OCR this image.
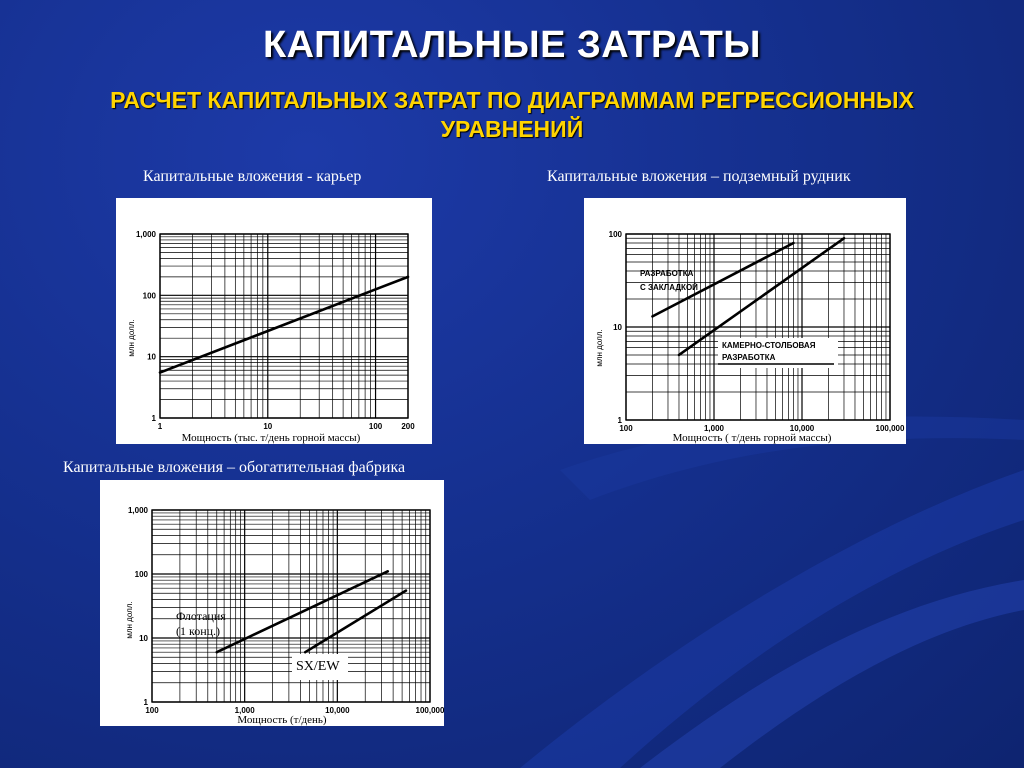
КАПИТАЛЬНЫЕ ЗАТРАТЫ
РАСЧЕТ КАПИТАЛЬНЫХ ЗАТРАТ ПО ДИАГРАММАМ РЕГРЕССИОННЫХ
УРАВНЕНИЙ
Капитальные вложения - карьер	Капитальные вложения – подземный рудник
Капитальные вложения – обогатительная фабрика
1
10
100
1,000
1	10	100 200
Мощность (тыс. т/день горной массы)
млн долл.
1
10
100
100	1,000	10,000	100,000
РАЗРАБОТКА
С ЗАКЛАДКОЙ
КАМЕРНО-СТОЛБОВАЯ
РАЗРАБОТКА
Мощность ( т/день горной массы)
млн долл.
1
10
100
1,000
100	1,000	10,000	100,000
Флотация
(1 конц.)
SX/EW
Мощность (т/день)
млн долл.
